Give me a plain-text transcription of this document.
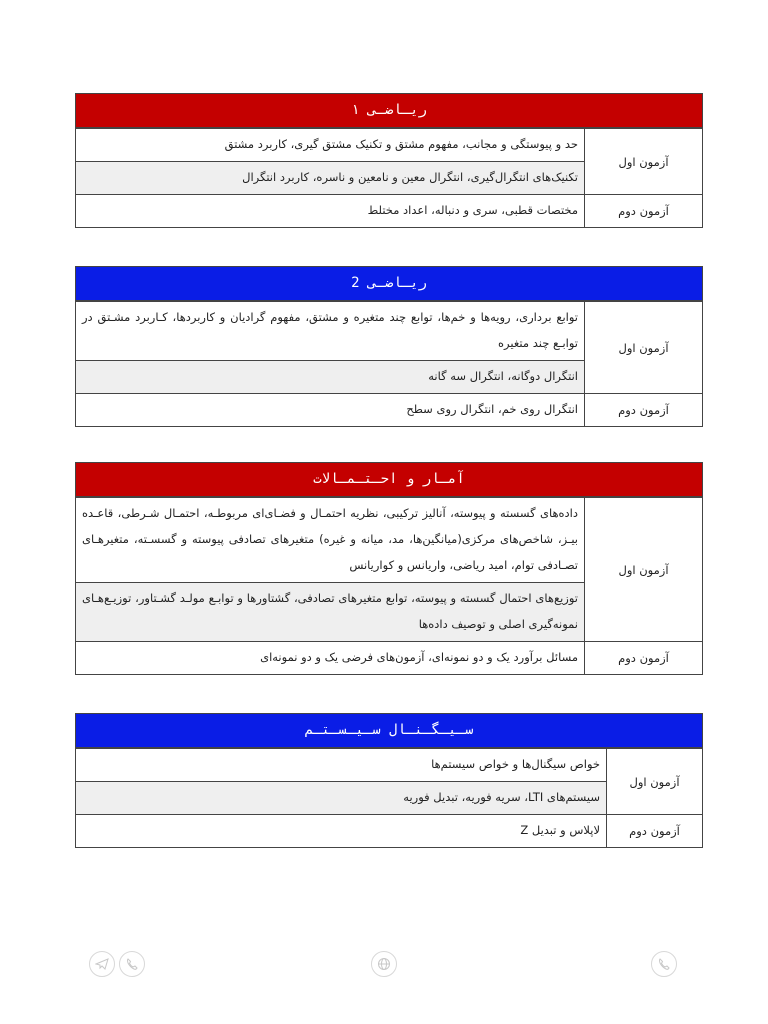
ریـاضـی ۱
آزمون اول
حد و پیوستگی و مجانب، مفهوم مشتق و تکنیک مشتق گیری، کاربرد مشتق
تکنیک‌های انتگرال‌گیری، انتگرال معین و نامعین و ناسره، کاربرد انتگرال
آزمون دوم
مختصات قطبی، سری و دنباله، اعداد مختلط
ریـاضـی 2
آزمون اول
توابع برداری، رویه‌ها و خم‌ها، توابع چند متغیره و مشتق، مفهوم گرادیان و کاربردها، کـاربرد مشـتق در توابـع چند متغیره
انتگرال دوگانه، انتگرال سه گانه
آزمون دوم
انتگرال روی خم، انتگرال روی سطح
آمـار و احـتـمـالات
آزمون اول
داده‌های گسسته و پیوسته، آنالیز ترکیبی، نظریه احتمـال و فضـای‌ای مربوطـه، احتمـال شـرطی، قاعـده بیـز، شاخص‌های مرکزی(میانگین‌ها، مد، میانه و غیره) متغیرهای تصادفی پیوسته و گسسـته، متغیرهـای تصـادفی توام، امید ریاضی، واریانس و کواریانس
توزیع‌های احتمال گسسته و پیوسته، توابع متغیرهای تصادفی، گشتاورها و توابـع مولـد گشـتاور، توزیـع‌هـای نمونه‌گیری اصلی و توصیف داده‌ها
آزمون دوم
مسائل برآورد یک و دو نمونه‌ای، آزمون‌های فرضی یک و دو نمونه‌ای
سـیـگـنـال سـیـسـتـم
آزمون اول
خواص سیگنال‌ها و خواص سیستم‌ها
سیستم‌های LTI، سریه فوریه، تبدیل فوریه
آزمون دوم
لاپلاس و تبدیل Z
